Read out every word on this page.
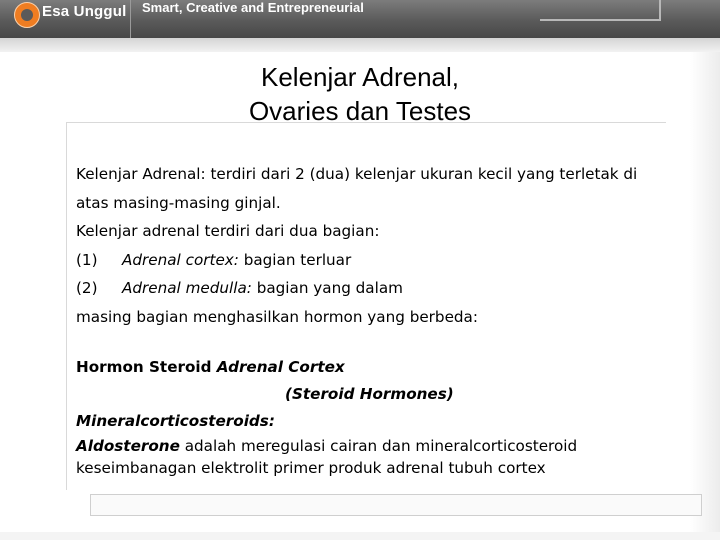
Esa Unggul Smart, Creative and Entrepreneurial
Kelenjar Adrenal,
Ovaries dan Testes

Kelenjar Adrenal: terdiri dari 2 (dua) kelenjar ukuran kecil yang terletak di

atas masing-masing ginjal.

Kelenjar adrenal terdiri dari dua bagian:

(1) Adrenal cortex: bagian terluar

(2) Adrenal medulla: bagian yang dalam

masing bagian menghasilkan hormon yang berbeda:

Hormon Steroid Adrenal Cortex

(Steroid Hormones)

Mineralcorticosteroids:

Aldosterone adalah meregulasi cairan dan mineralcorticosteroid

keseimbanagan elektrolit primer produk adrenal tubuh cortex
